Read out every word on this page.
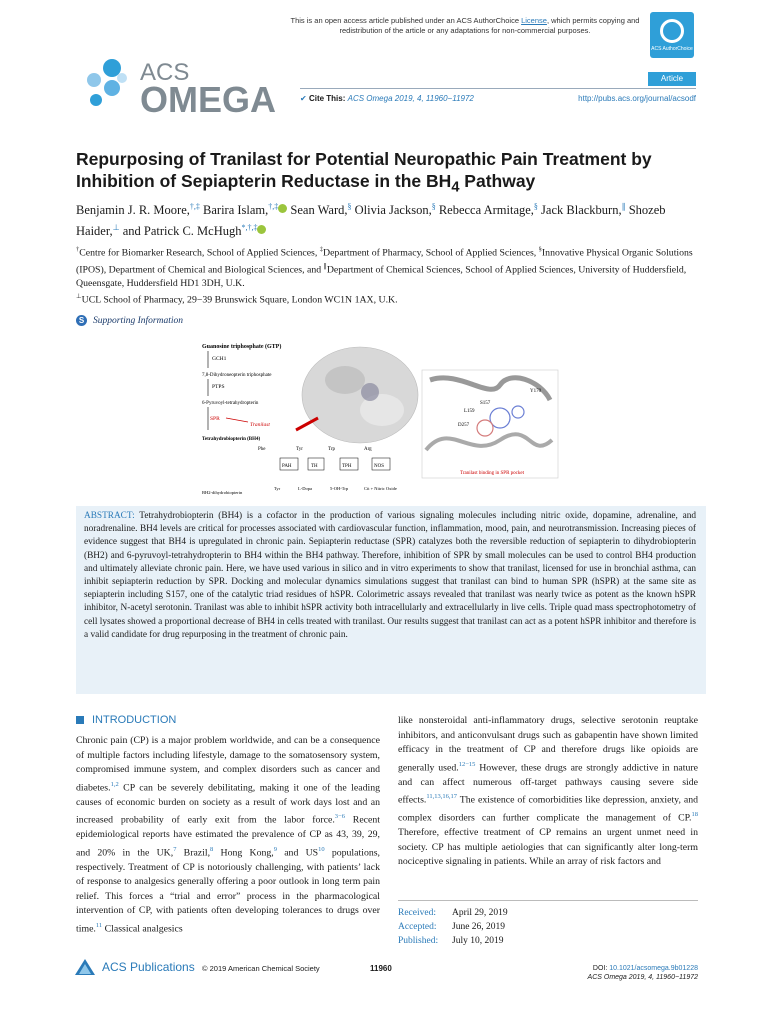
This is an open access article published under an ACS AuthorChoice License, which permits copying and redistribution of the article or any adaptations for non-commercial purposes.
ACS AuthorChoice
ACS
OMEGA
Article
✔ Cite This: ACS Omega 2019, 4, 11960−11972	http://pubs.acs.org/journal/acsodf
Repurposing of Tranilast for Potential Neuropathic Pain Treatment by Inhibition of Sepiapterin Reductase in the $BH_4$ Pathway
Benjamin J. R. Moore,†,‡ Barira Islam,†,‡ Sean Ward,§ Olivia Jackson,§ Rebecca Armitage,§ Jack Blackburn,∥ Shozeb Haider,⊥ and Patrick C. McHugh*,†,‡
†Centre for Biomarker Research, School of Applied Sciences, ‡Department of Pharmacy, School of Applied Sciences, §Innovative Physical Organic Solutions (IPOS), Department of Chemical and Biological Sciences, and ∥Department of Chemical Sciences, School of Applied Sciences, University of Huddersfield, Queensgate, Huddersfield HD1 3DH, U.K.
⊥UCL School of Pharmacy, 29−39 Brunswick Square, London WC1N 1AX, U.K.
S Supporting Information
Guanosine triphosphate (GTP)
GCH1
7,8-Dihydroneopterin triphosphate
PTPS
6-Pyruvoyl-tetrahydropterin
SPR
Tranilast
Tetrahydrobiopterin (BH4)
Phe	Tyr	Trp	Arg
PAH	TH	TPH	NOS
BH2-dihydrobiopterin
Tyr	L-Dopa	5-OH-Trp	Cit + Nitric Oxide
S157
L159
D257
Y170
Tranilast binding in SPR pocket
ABSTRACT: Tetrahydrobiopterin (BH4) is a cofactor in the production of various signaling molecules including nitric oxide, dopamine, adrenaline, and noradrenaline. BH4 levels are critical for processes associated with cardiovascular function, inflammation, mood, pain, and neurotransmission. Increasing pieces of evidence suggest that BH4 is upregulated in chronic pain. Sepiapterin reductase (SPR) catalyzes both the reversible reduction of sepiapterin to dihydrobiopterin (BH2) and 6-pyruvoyl-tetrahydropterin to BH4 within the BH4 pathway. Therefore, inhibition of SPR by small molecules can be used to control BH4 production and ultimately alleviate chronic pain. Here, we have used various in silico and in vitro experiments to show that tranilast, licensed for use in bronchial asthma, can inhibit sepiapterin reduction by SPR. Docking and molecular dynamics simulations suggest that tranilast can bind to human SPR (hSPR) at the same site as sepiapterin including S157, one of the catalytic triad residues of hSPR. Colorimetric assays revealed that tranilast was nearly twice as potent as the known hSPR inhibitor, N-acetyl serotonin. Tranilast was able to inhibit hSPR activity both intracellularly and extracellularly in live cells. Triple quad mass spectrophotometry of cell lysates showed a proportional decrease of BH4 in cells treated with tranilast. Our results suggest that tranilast can act as a potent hSPR inhibitor and therefore is a valid candidate for drug repurposing in the treatment of chronic pain.
INTRODUCTION
Chronic pain (CP) is a major problem worldwide, and can be a consequence of multiple factors including lifestyle, damage to the somatosensory system, compromised immune system, and complex disorders such as cancer and diabetes.$^{1,2}$ CP can be severely debilitating, making it one of the leading causes of economic burden on society as a result of work days lost and an increased probability of early exit from the labor force.$^{3-6}$ Recent epidemiological reports have estimated the prevalence of CP as 43, 39, 29, and 20% in the UK,$^7$ Brazil,$^8$ Hong Kong,$^9$ and US$^{10}$ populations, respectively. Treatment of CP is notoriously challenging, with patients’ lack of response to analgesics generally offering a poor outlook in long term pain relief. This forces a “trial and error” process in the pharmacological intervention of CP, with patients often developing tolerances to drugs over time.$^{11}$ Classical analgesics
like nonsteroidal anti-inflammatory drugs, selective serotonin reuptake inhibitors, and anticonvulsant drugs such as gabapentin have shown limited efficacy in the treatment of CP and therefore drugs like opioids are generally used.$^{12-15}$ However, these drugs are strongly addictive in nature and can affect numerous off-target pathways causing severe side effects.$^{11,13,16,17}$ The existence of comorbidities like depression, anxiety, and complex disorders can further complicate the management of CP.$^{18}$ Therefore, effective treatment of CP remains an urgent unmet need in society. CP has multiple aetiologies that can significantly alter long-term nociceptive signaling in patients. While an array of risk factors and
Received: April 29, 2019
Accepted: June 26, 2019
Published: July 10, 2019
ACS Publications © 2019 American Chemical Society	11960	DOI: 10.1021/acsomega.9b01228
ACS Omega 2019, 4, 11960−11972
